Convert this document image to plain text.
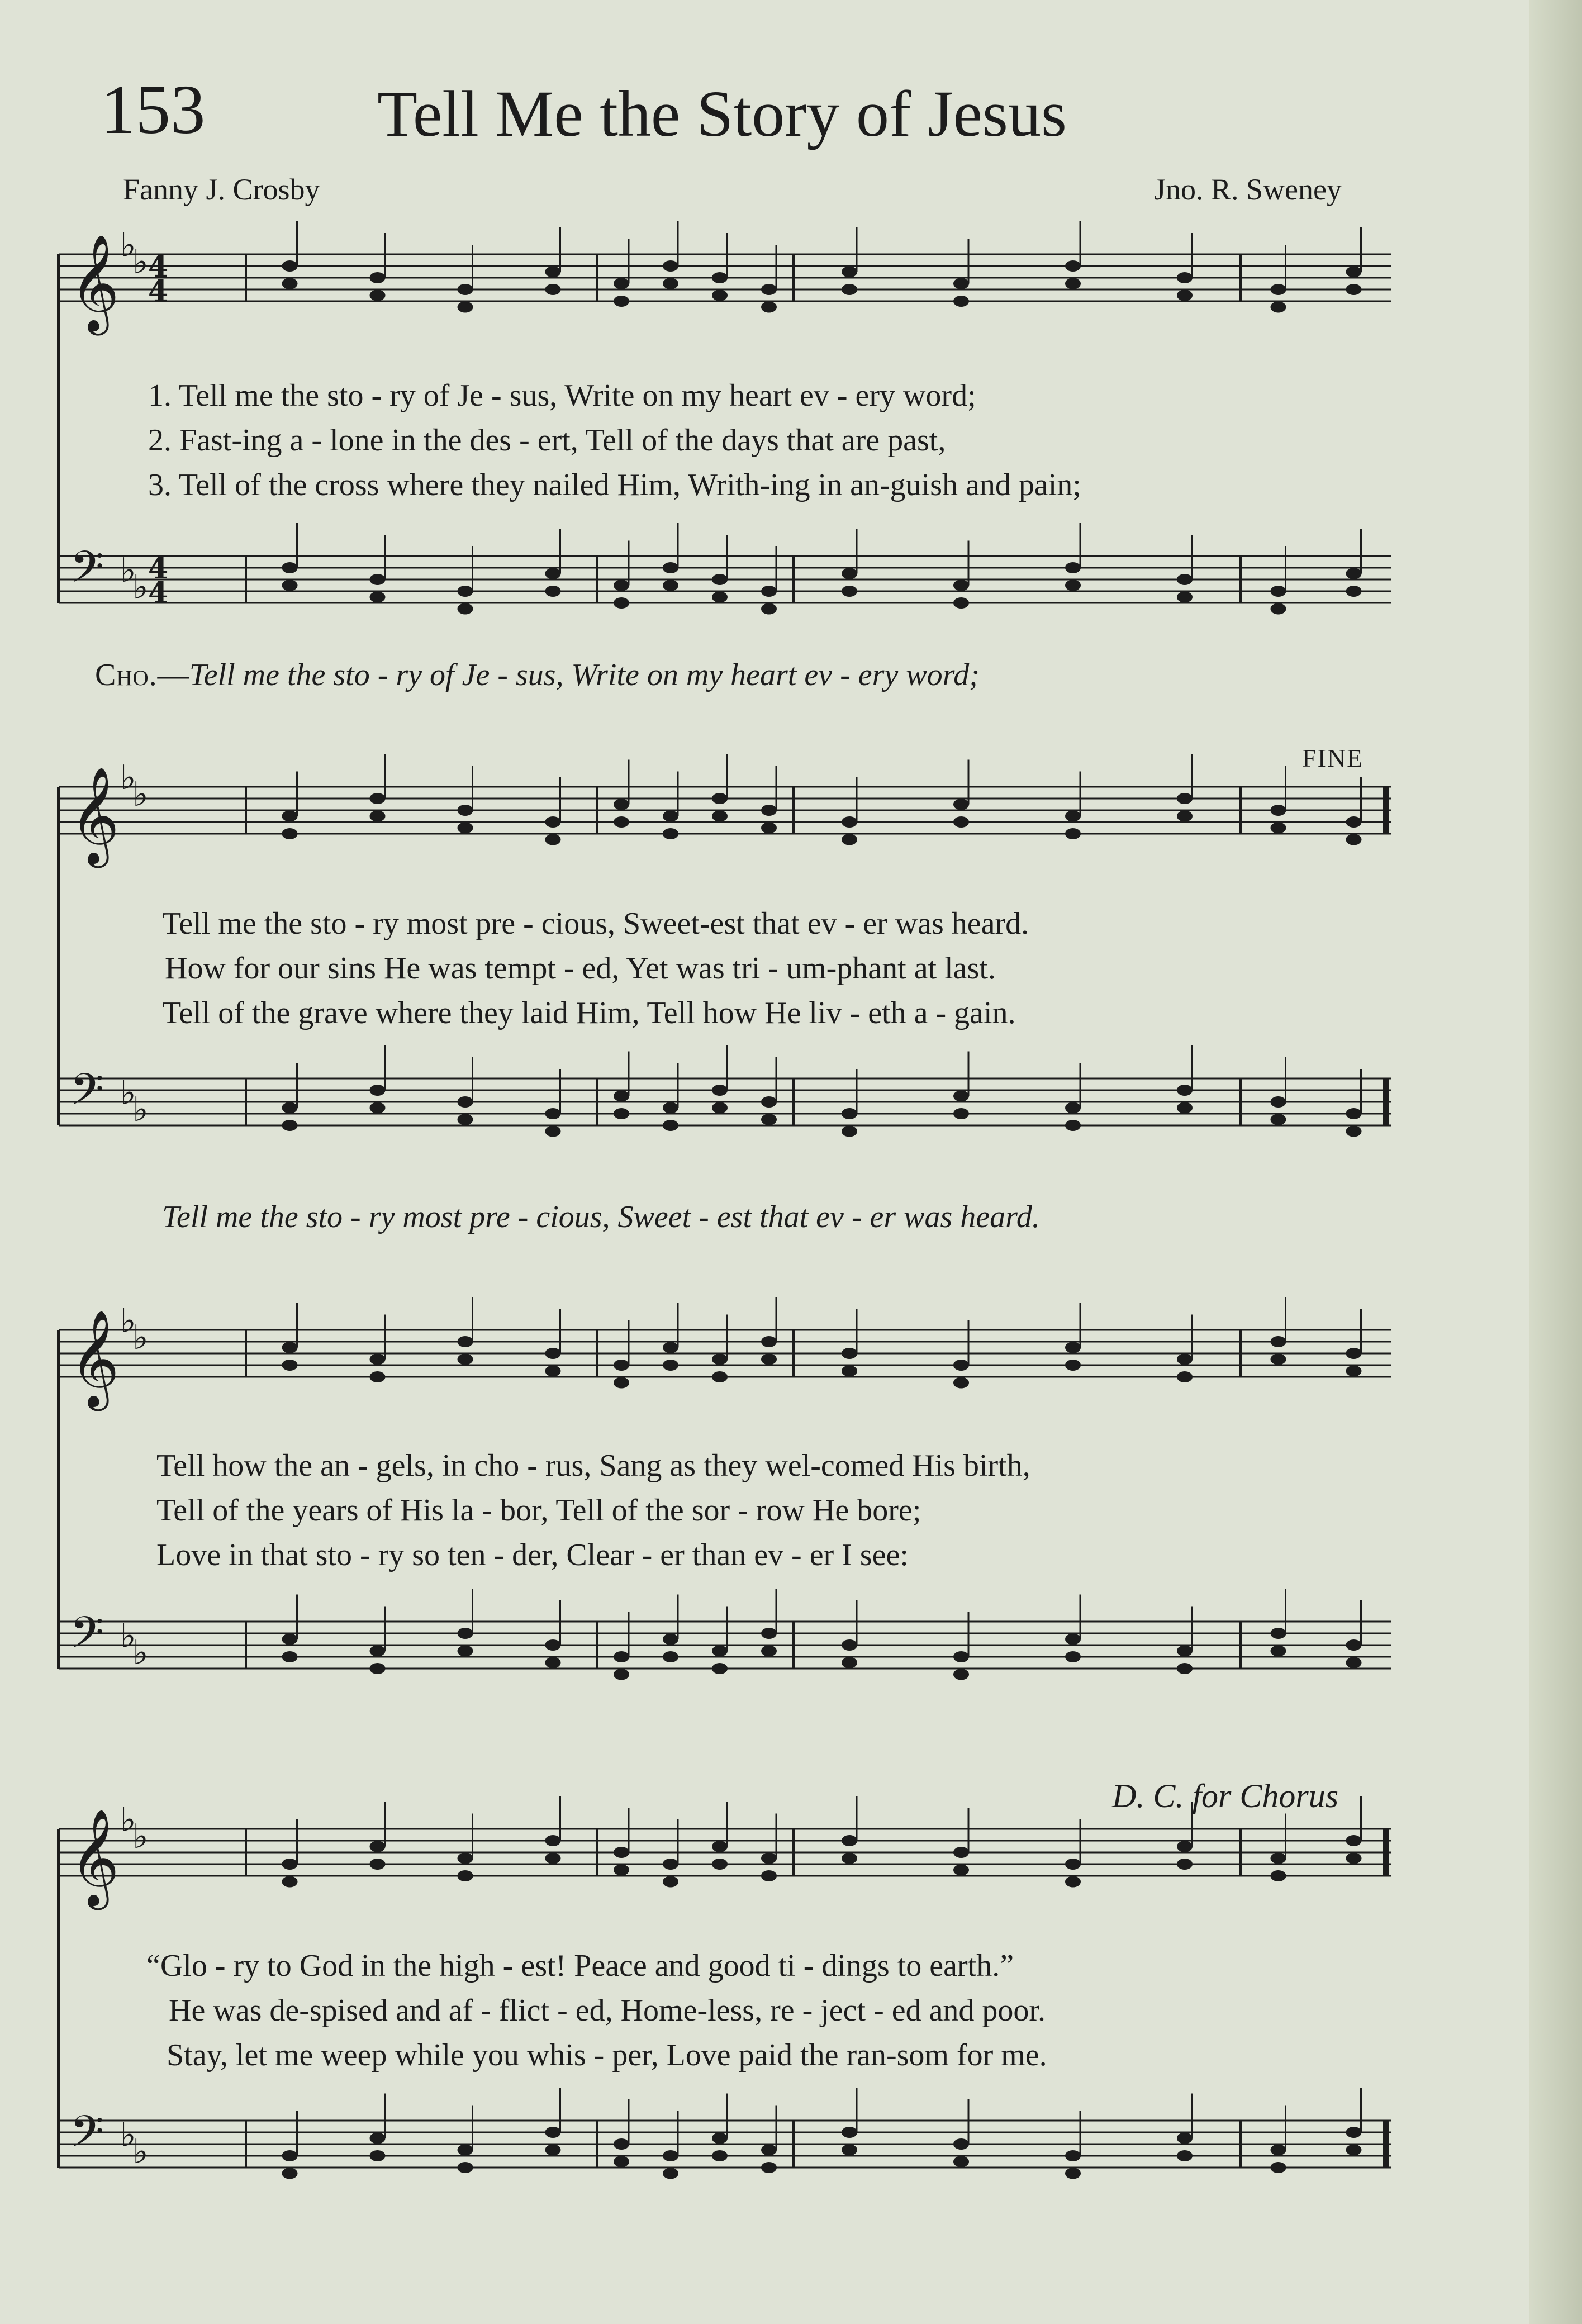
153	Tell Me the Story of Jesus
Fanny J. Crosby	Jno. R. Sweney
𝄞 ♭
♭
𝄢 ♭
♭
4
4
4
4
𝄞 ♭
♭
𝄢 ♭
♭
𝄞 ♭
♭
𝄢 ♭
♭
𝄞 ♭
♭
𝄢 ♭
♭
1. Tell me the sto - ry of Je - sus, Write on my heart ev - ery word;
2. Fast-ing a - lone in the des - ert, Tell of the days that are past,
3. Tell of the cross where they nailed Him, Writh-ing in an-guish and pain;
Cho.—Tell me the sto - ry of Je - sus, Write on my heart ev - ery word;
FINE
Tell me the sto - ry most pre - cious, Sweet-est that ev - er was heard.
How for our sins He was tempt - ed, Yet was tri - um-phant at last.
Tell of the grave where they laid Him, Tell how He liv - eth a - gain.
Tell me the sto - ry most pre - cious, Sweet - est that ev - er was heard.
Tell how the an - gels, in cho - rus, Sang as they wel-comed His birth,
Tell of the years of His la - bor, Tell of the sor - row He bore;
Love in that sto - ry so ten - der, Clear - er than ev - er I see:
D. C. for Chorus
“Glo - ry to God in the high - est! Peace and good ti - dings to earth.”
He was de-spised and af - flict - ed, Home-less, re - ject - ed and poor.
Stay, let me weep while you whis - per, Love paid the ran-som for me.
